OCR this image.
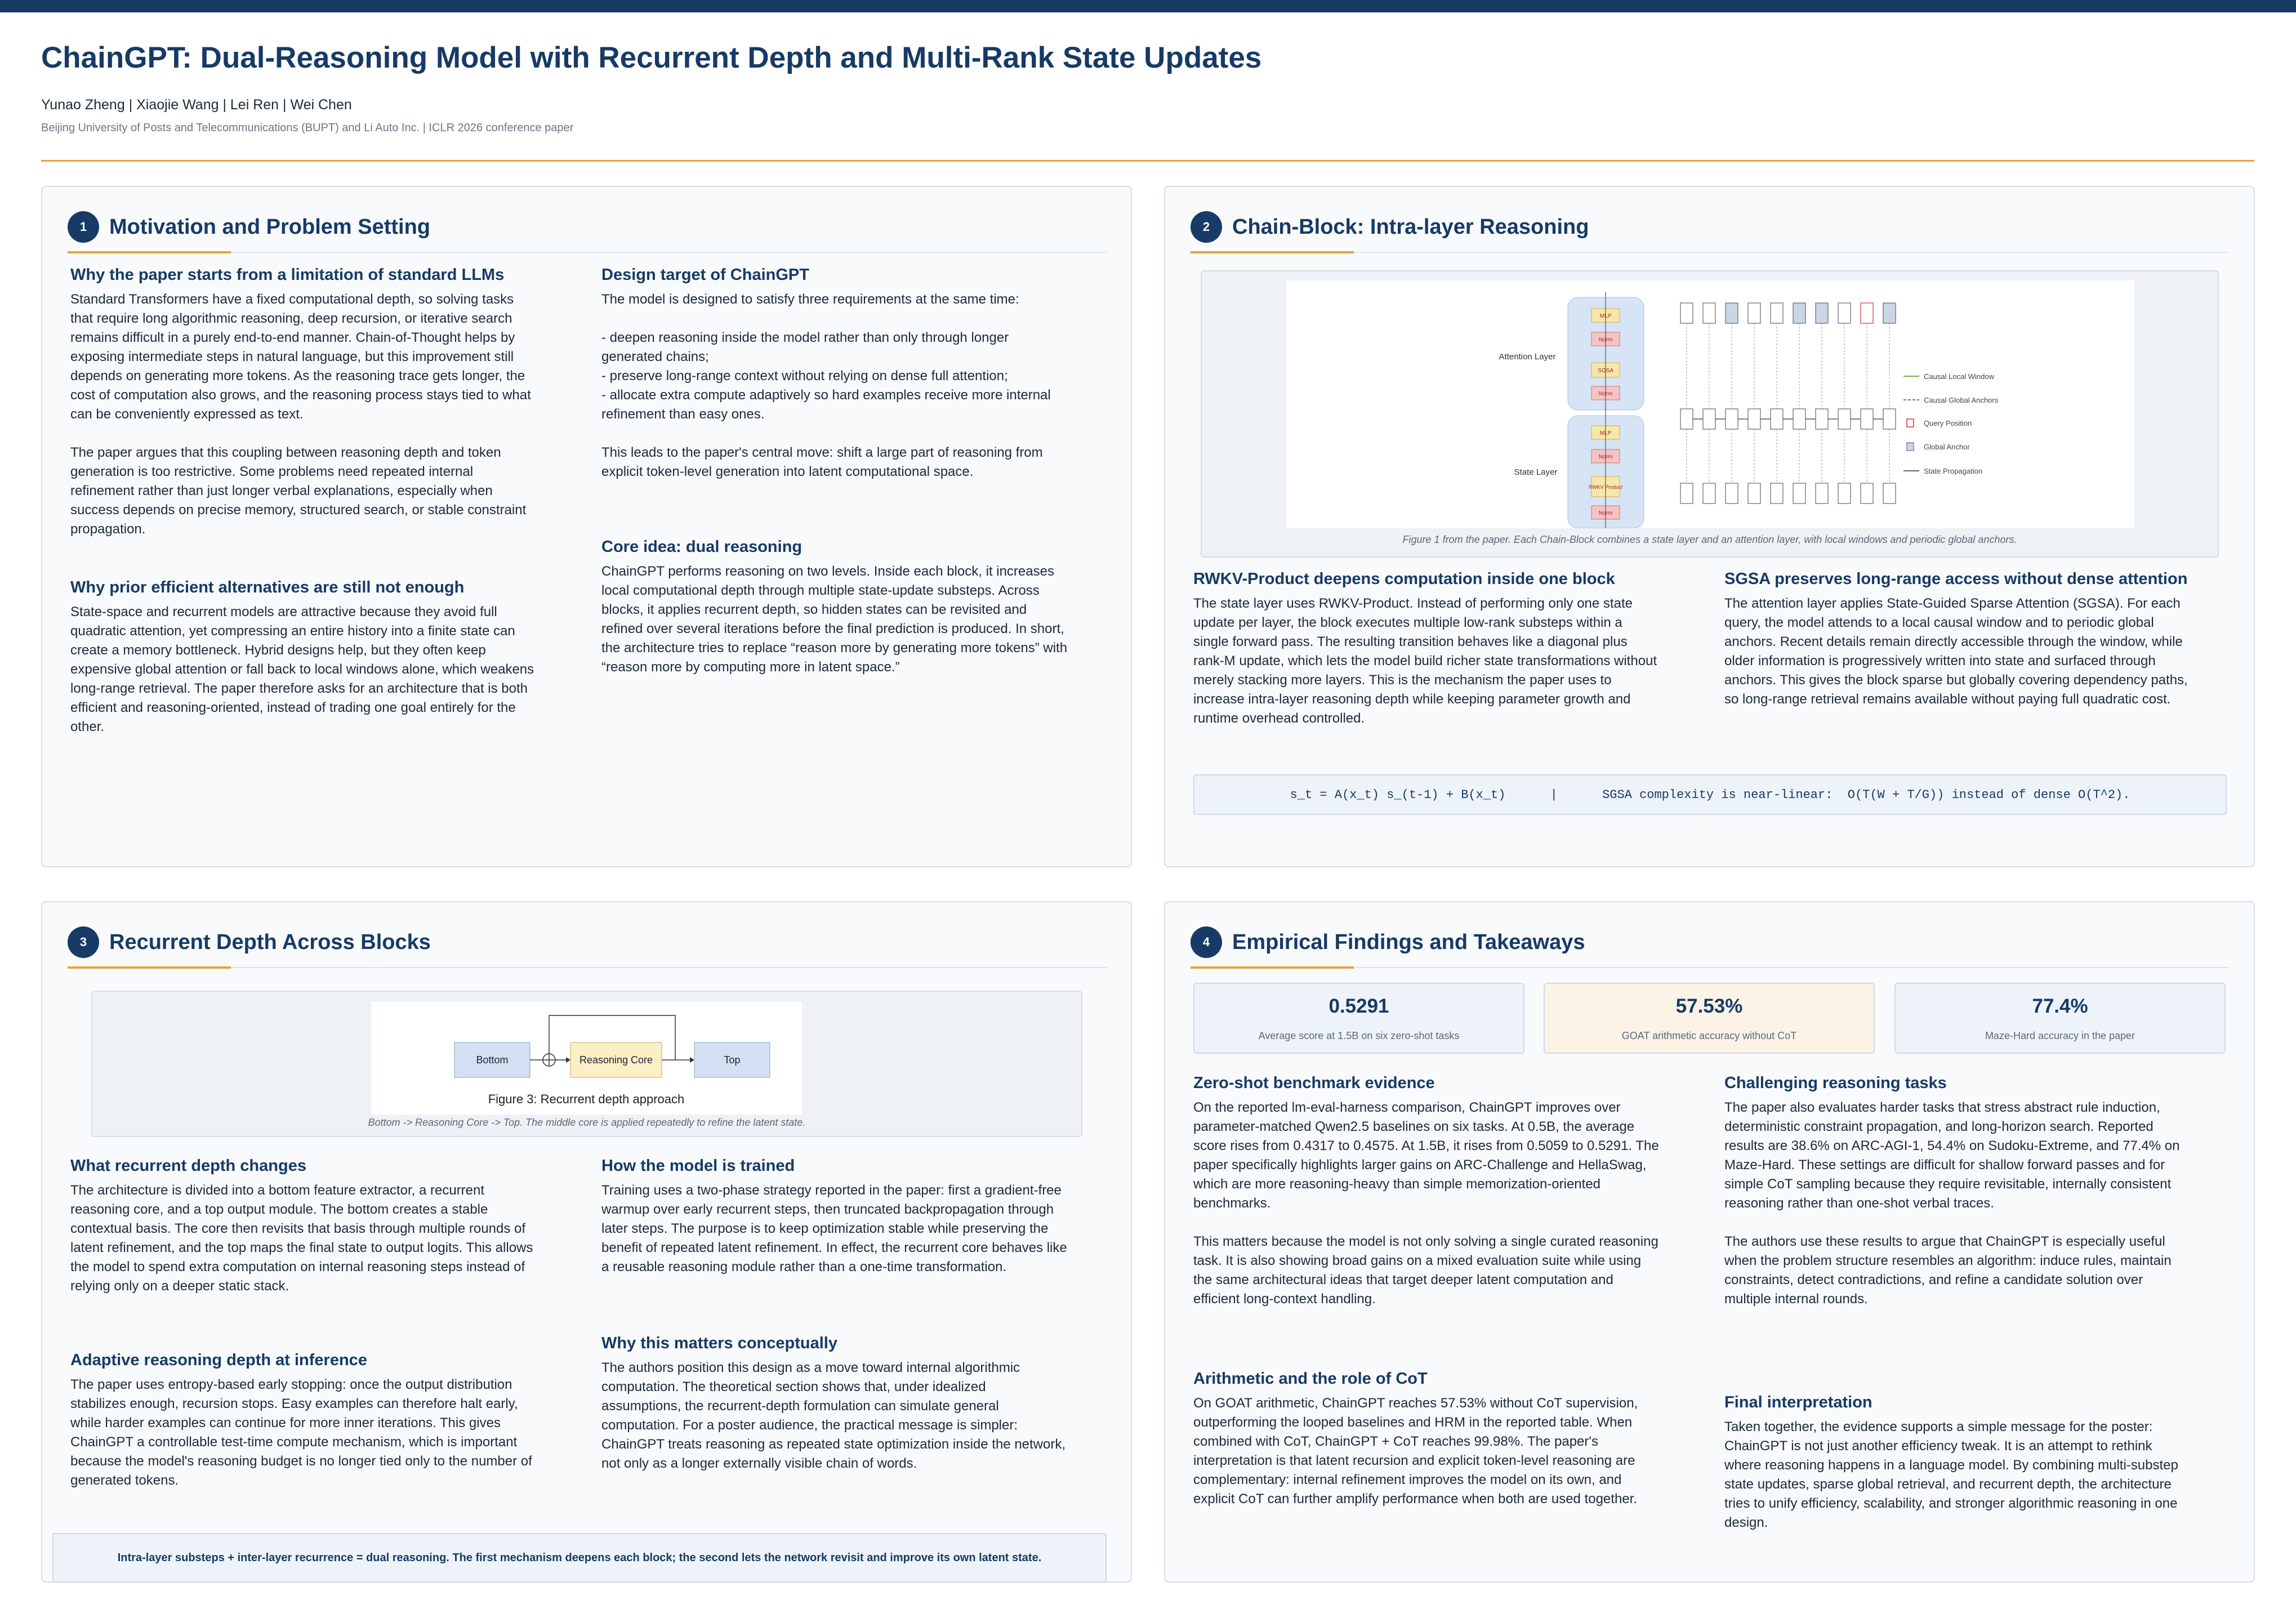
ChainGPT: Dual-Reasoning Model with Recurrent Depth and Multi-Rank State Updates
Yunao Zheng | Xiaojie Wang | Lei Ren | Wei Chen
Beijing University of Posts and Telecommunications (BUPT) and Li Auto Inc. | ICLR 2026 conference paper
1	Motivation and Problem Setting
Why the paper starts from a limitation of standard LLMs

Standard Transformers have a fixed computational depth, so solving tasks
that require long algorithmic reasoning, deep recursion, or iterative search
remains difficult in a purely end-to-end manner. Chain-of-Thought helps by
exposing intermediate steps in natural language, but this improvement still
depends on generating more tokens. As the reasoning trace gets longer, the
cost of computation also grows, and the reasoning process stays tied to what
can be conveniently expressed as text.

The paper argues that this coupling between reasoning depth and token
generation is too restrictive. Some problems need repeated internal
refinement rather than just longer verbal explanations, especially when
success depends on precise memory, structured search, or stable constraint
propagation.

Why prior efficient alternatives are still not enough

State-space and recurrent models are attractive because they avoid full
quadratic attention, yet compressing an entire history into a finite state can
create a memory bottleneck. Hybrid designs help, but they often keep
expensive global attention or fall back to local windows alone, which weakens
long-range retrieval. The paper therefore asks for an architecture that is both
efficient and reasoning-oriented, instead of trading one goal entirely for the
other.

Design target of ChainGPT

The model is designed to satisfy three requirements at the same time:

- deepen reasoning inside the model rather than only through longer
generated chains;
- preserve long-range context without relying on dense full attention;
- allocate extra compute adaptively so hard examples receive more internal
refinement than easy ones.

This leads to the paper's central move: shift a large part of reasoning from
explicit token-level generation into latent computational space.

Core idea: dual reasoning

ChainGPT performs reasoning on two levels. Inside each block, it increases
local computational depth through multiple state-update substeps. Across
blocks, it applies recurrent depth, so hidden states can be revisited and
refined over several iterations before the final prediction is produced. In short,
the architecture tries to replace “reason more by generating more tokens” with
“reason more by computing more in latent space.”

2	Chain-Block: Intra-layer Reasoning
Attention Layer
State Layer
MLP
Norm
SGSA
Norm
MLP
Norm
RWKV Product
Norm
Causal Local Window
Causal Global Anchors
Query Position
Global Anchor
State Propagation
Figure 1 from the paper. Each Chain-Block combines a state layer and an attention layer, with local windows and periodic global anchors.
RWKV-Product deepens computation inside one block

The state layer uses RWKV-Product. Instead of performing only one state
update per layer, the block executes multiple low-rank substeps within a
single forward pass. The resulting transition behaves like a diagonal plus
rank-M update, which lets the model build richer state transformations without
merely stacking more layers. This is the mechanism the paper uses to
increase intra-layer reasoning depth while keeping parameter growth and
runtime overhead controlled.

SGSA preserves long-range access without dense attention

The attention layer applies State-Guided Sparse Attention (SGSA). For each
query, the model attends to a local causal window and to periodic global
anchors. Recent details remain directly accessible through the window, while
older information is progressively written into state and surfaced through
anchors. This gives the block sparse but globally covering dependency paths,
so long-range retrieval remains available without paying full quadratic cost.

s_t = A(x_t) s_(t-1) + B(x_t)      |      SGSA complexity is near-linear:  O(T(W + T/G)) instead of dense O(T^2).
3	Recurrent Depth Across Blocks
Bottom	Reasoning Core	Top
Figure 3: Recurrent depth approach
Bottom -> Reasoning Core -> Top. The middle core is applied repeatedly to refine the latent state.
What recurrent depth changes

The architecture is divided into a bottom feature extractor, a recurrent
reasoning core, and a top output module. The bottom creates a stable
contextual basis. The core then revisits that basis through multiple rounds of
latent refinement, and the top maps the final state to output logits. This allows
the model to spend extra computation on internal reasoning steps instead of
relying only on a deeper static stack.

Adaptive reasoning depth at inference

The paper uses entropy-based early stopping: once the output distribution
stabilizes enough, recursion stops. Easy examples can therefore halt early,
while harder examples can continue for more inner iterations. This gives
ChainGPT a controllable test-time compute mechanism, which is important
because the model's reasoning budget is no longer tied only to the number of
generated tokens.

How the model is trained

Training uses a two-phase strategy reported in the paper: first a gradient-free
warmup over early recurrent steps, then truncated backpropagation through
later steps. The purpose is to keep optimization stable while preserving the
benefit of repeated latent refinement. In effect, the recurrent core behaves like
a reusable reasoning module rather than a one-time transformation.

Why this matters conceptually

The authors position this design as a move toward internal algorithmic
computation. The theoretical section shows that, under idealized
assumptions, the recurrent-depth formulation can simulate general
computation. For a poster audience, the practical message is simpler:
ChainGPT treats reasoning as repeated state optimization inside the network,
not only as a longer externally visible chain of words.

Intra-layer substeps + inter-layer recurrence = dual reasoning. The first mechanism deepens each block; the second lets the network revisit and improve its own latent state.
4	Empirical Findings and Takeaways
0.5291
Average score at 1.5B on six zero-shot tasks
57.53%
GOAT arithmetic accuracy without CoT
77.4%
Maze-Hard accuracy in the paper
Zero-shot benchmark evidence

On the reported lm-eval-harness comparison, ChainGPT improves over
parameter-matched Qwen2.5 baselines on six tasks. At 0.5B, the average
score rises from 0.4317 to 0.4575. At 1.5B, it rises from 0.5059 to 0.5291. The
paper specifically highlights larger gains on ARC-Challenge and HellaSwag,
which are more reasoning-heavy than simple memorization-oriented
benchmarks.

This matters because the model is not only solving a single curated reasoning
task. It is also showing broad gains on a mixed evaluation suite while using
the same architectural ideas that target deeper latent computation and
efficient long-context handling.

Arithmetic and the role of CoT

On GOAT arithmetic, ChainGPT reaches 57.53% without CoT supervision,
outperforming the looped baselines and HRM in the reported table. When
combined with CoT, ChainGPT + CoT reaches 99.98%. The paper's
interpretation is that latent recursion and explicit token-level reasoning are
complementary: internal refinement improves the model on its own, and
explicit CoT can further amplify performance when both are used together.

Challenging reasoning tasks

The paper also evaluates harder tasks that stress abstract rule induction,
deterministic constraint propagation, and long-horizon search. Reported
results are 38.6% on ARC-AGI-1, 54.4% on Sudoku-Extreme, and 77.4% on
Maze-Hard. These settings are difficult for shallow forward passes and for
simple CoT sampling because they require revisitable, internally consistent
reasoning rather than one-shot verbal traces.

The authors use these results to argue that ChainGPT is especially useful
when the problem structure resembles an algorithm: induce rules, maintain
constraints, detect contradictions, and refine a candidate solution over
multiple internal rounds.

Final interpretation

Taken together, the evidence supports a simple message for the poster:
ChainGPT is not just another efficiency tweak. It is an attempt to rethink
where reasoning happens in a language model. By combining multi-substep
state updates, sparse global retrieval, and recurrent depth, the architecture
tries to unify efficiency, scalability, and stronger algorithmic reasoning in one
design.
